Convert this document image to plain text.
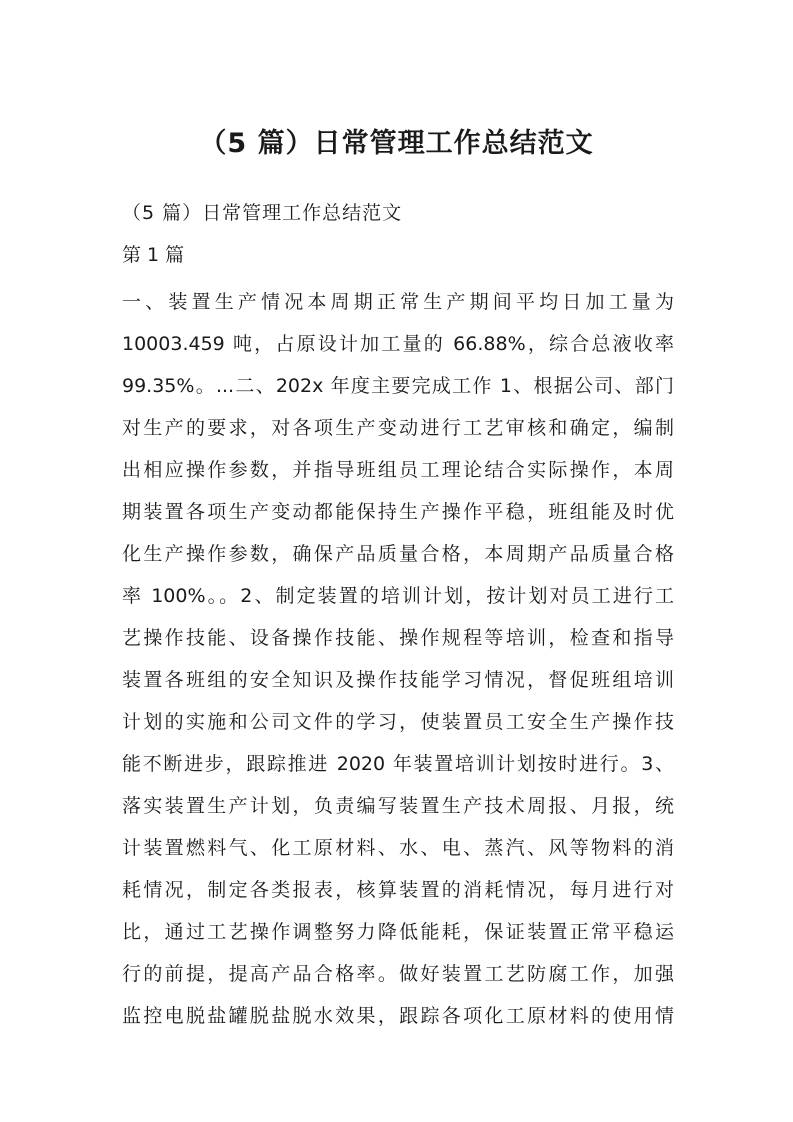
（5 篇）日常管理工作总结范文

（5 篇）日常管理工作总结范文

第 1 篇

一、装置生产情况本周期正常生产期间平均日加工量为
10003.459 吨，占原设计加工量的 66.88%，综合总液收率
99.35%。...二、202x 年度主要完成工作 1、根据公司、部门
对生产的要求，对各项生产变动进行工艺审核和确定，编制
出相应操作参数，并指导班组员工理论结合实际操作，本周
期装置各项生产变动都能保持生产操作平稳，班组能及时优
化生产操作参数，确保产品质量合格，本周期产品质量合格
率 100%。。2、制定装置的培训计划，按计划对员工进行工
艺操作技能、设备操作技能、操作规程等培训，检查和指导
装置各班组的安全知识及操作技能学习情况，督促班组培训
计划的实施和公司文件的学习，使装置员工安全生产操作技
能不断进步，跟踪推进 2020 年装置培训计划按时进行。3、
落实装置生产计划，负责编写装置生产技术周报、月报，统
计装置燃料气、化工原材料、水、电、蒸汽、风等物料的消
耗情况，制定各类报表，核算装置的消耗情况，每月进行对
比，通过工艺操作调整努力降低能耗，保证装置正常平稳运
行的前提，提高产品合格率。做好装置工艺防腐工作，加强
监控电脱盐罐脱盐脱水效果，跟踪各项化工原材料的使用情
